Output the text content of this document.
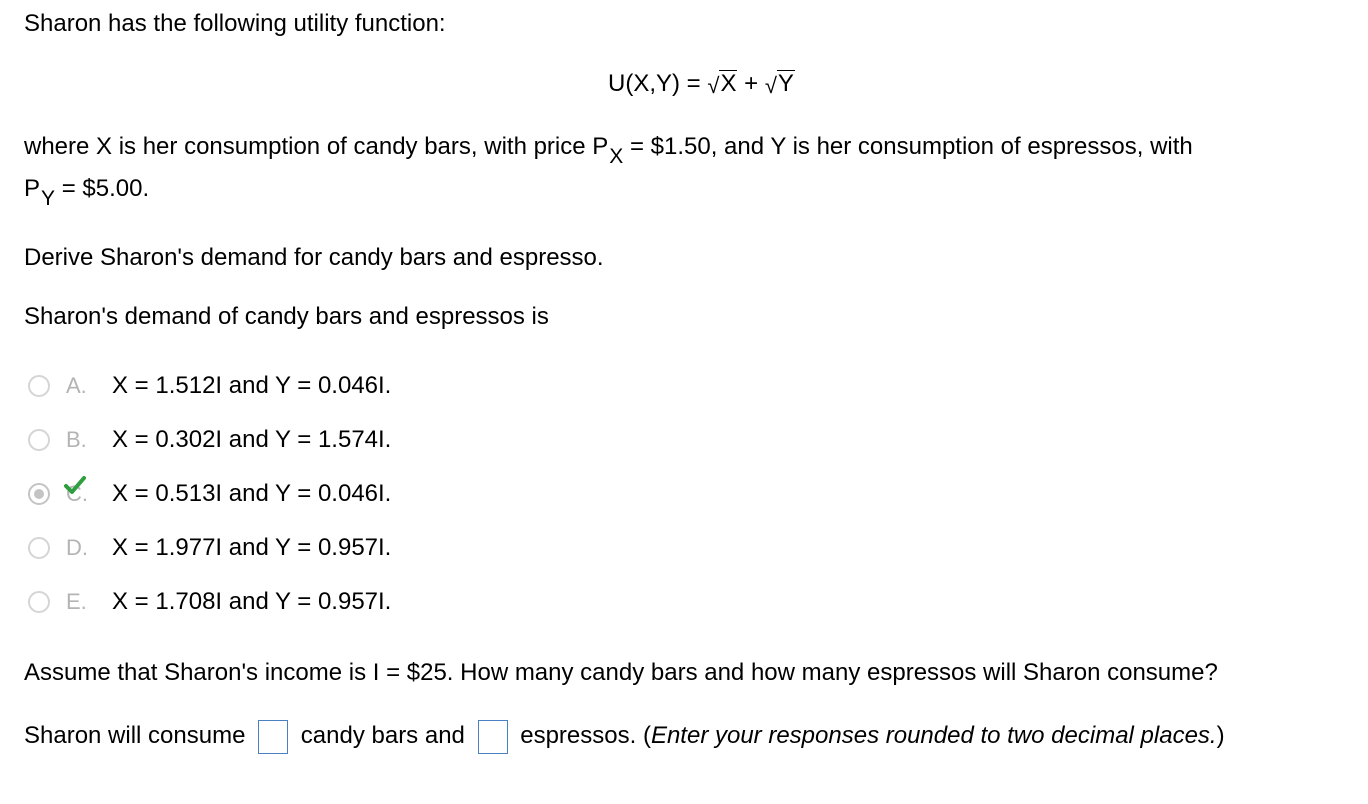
Sharon has the following utility function:
U(X,Y) = √X + √Y
where X is her consumption of candy bars, with price PX = $1.50, and Y is her consumption of espressos, with
PY = $5.00.
Derive Sharon's demand for candy bars and espresso.
Sharon's demand of candy bars and espressos is
A.	X = 1.512I and Y = 0.046I.
B.	X = 0.302I and Y = 1.574I.
C.	X = 0.513I and Y = 0.046I.
D.	X = 1.977I and Y = 0.957I.
E.	X = 1.708I and Y = 0.957I.
Assume that Sharon's income is I = $25. How many candy bars and how many espressos will Sharon consume?
Sharon will consume candy bars and espressos. (Enter your responses rounded to two decimal places.)
